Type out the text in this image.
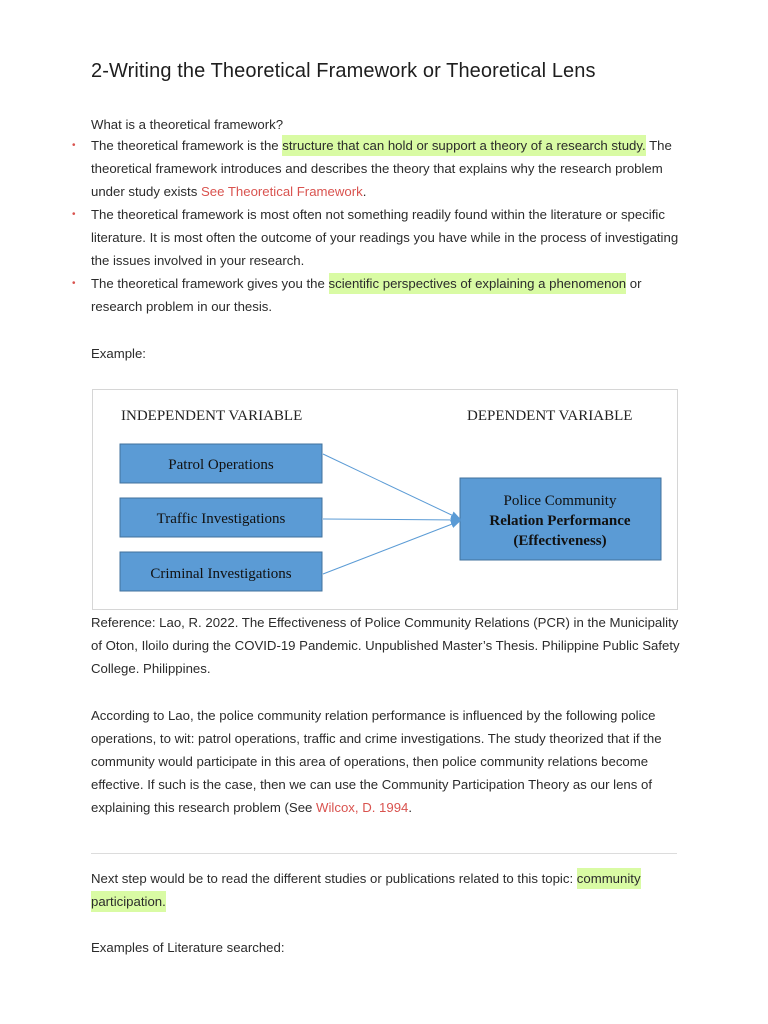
2-Writing the Theoretical Framework or Theoretical Lens

What is a theoretical framework?

• The theoretical framework is the structure that can hold or support a theory of a research study. The theoretical framework introduces and describes the theory that explains why the research problem under study exists See Theoretical Framework.
• The theoretical framework is most often not something readily found within the literature or specific literature. It is most often the outcome of your readings you have while in the process of investigating the issues involved in your research.
• The theoretical framework gives you the scientific perspectives of explaining a phenomenon or research problem in our thesis.

Example:

INDEPENDENT VARIABLE	DEPENDENT VARIABLE
Patrol Operations
Traffic Investigations
Criminal Investigations
Police Community
Relation Performance
(Effectiveness)

Reference: Lao, R. 2022. The Effectiveness of Police Community Relations (PCR) in the Municipality of Oton, Iloilo during the COVID-19 Pandemic. Unpublished Master’s Thesis. Philippine Public Safety College. Philippines.

According to Lao, the police community relation performance is influenced by the following police operations, to wit: patrol operations, traffic and crime investigations. The study theorized that if the community would participate in this area of operations, then police community relations become effective. If such is the case, then we can use the Community Participation Theory as our lens of explaining this research problem (See Wilcox, D. 1994.

Next step would be to read the different studies or publications related to this topic: community participation.

Examples of Literature searched:
